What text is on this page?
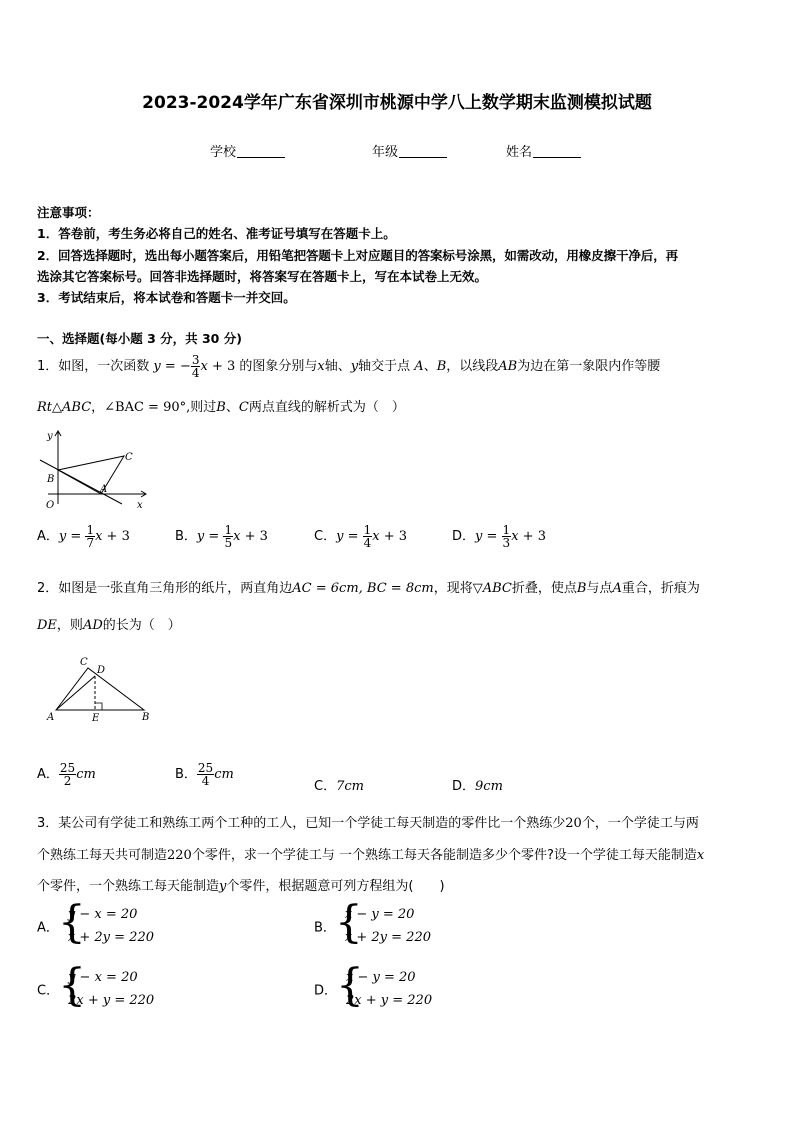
2023-2024学年广东省深圳市桃源中学八上数学期末监测模拟试题
学校	年级	姓名
注意事项：
1．答卷前，考生务必将自己的姓名、准考证号填写在答题卡上。
2．回答选择题时，选出每小题答案后，用铅笔把答题卡上对应题目的答案标号涂黑，如需改动，用橡皮擦干净后，再
选涂其它答案标号。回答非选择题时，将答案写在答题卡上，写在本试卷上无效。
3．考试结束后，将本试卷和答题卡一并交回。
一、选择题(每小题 3 分，共 30 分)
1．如图，一次函数 y = − $\frac{3}{4}$ x + 3 的图象分别与x轴、y轴交于点 A、B，以线段AB为边在第一象限内作等腰
Rt△ABC，∠BAC = 90°,则过B、C两点直线的解析式为（　）
y
x
O
B
A
C
A．$y = \frac{1}{7}$ x + 3	B．$y = \frac{1}{5}$ x + 3	C．$y = \frac{1}{4}$ x + 3	D．$y = \frac{1}{3}$ x + 3
2．如图是一张直角三角形的纸片，两直角边AC = 6cm, BC = 8cm，现将▽ABC折叠，使点B与点A重合，折痕为
DE，则AD的长为（　）
C
D
A	E	B
A． $\frac{25}{2}$ cm	B． $\frac{25}{4}$ cm
C．7cm	D．9cm
3．某公司有学徒工和熟练工两个工种的工人，已知一个学徒工每天制造的零件比一个熟练少20个，一个学徒工与两
个熟练工每天共可制造220个零件，求一个学徒工与 一个熟练工每天各能制造多少个零件?设一个学徒工每天能制造x
个零件，一个熟练工每天能制造y个零件，根据题意可列方程组为(　　)
A． {
y − x = 20
x + 2y = 220
B． {
x − y = 20
x + 2y = 220
C． {
y − x = 20
2x + y = 220
D． {
x − y = 20
2x + y = 220
